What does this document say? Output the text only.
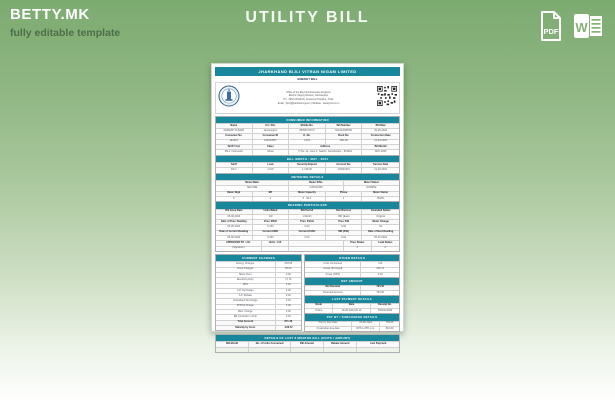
BETTY.MK
fully editable template
UTILITY BILL
PDF W
JHARKHAND BIJLI VITRAN NIGAM LIMITED
ENERGY BILL
Office of the Electrical Executive Engineer
Electric Supply Division, Jamshedpur
Ph : 0657-2431234 | Consumer Helpline : 1912
Email : jbvnl@jharkhand.gov.in | Website : www.jbvnl.co.in
CONSUMER INFORMATION
Name	Cir / Div.	Mobile No.	Bill Number	Bill Date
RAMESH KUMAR	Jamshedpur	98354XXXXX	522410098765	05-06-2024
Consumer No.	Consumer ID	K. No.	Book No.	Connection Date
JE4321	100234567	1234	JSR-08	12-04-2016
Tariff / Cat.	Class	Address	Bill Month
DS-1 / Domestic	Urban	H.No. 12, Lane 4, Sakchi, Jamshedpur - 831001	MAY-2024
BILL MONTH : MAY - 2024
Tariff	Load	Security Deposit	Account No.	Service Date
DS-1	1 KW	1,145.00	110022334	12-04-2016
METERING DETAILS
Meter Make	Meter S/No.	Meter Status
SECURE	G30412345	NORMAL
Meter Digit	MF	Meter Capacity	Phase	Meter Owner
6	1	5 - 30 A	1	JBVNL
READING PARTICULARS
Bill Issue Date	Units Billed	Bill Period	Sub Division	Amended Status
05-06-2024	110	1 Month	JSR (East)	Original
Date of Prev. Reading	Prev. KWH	Prev. KVAH	Prev. KW	Meter Change
05-05-2024	5,230	0.00	0.00	No
Date of Current Reading	Current KWH	Current KVAH	MD (KW)	Date of Next Reading
05-06-2024	5,340	0.00	0.92	05-07-2024
APPROVED BY / J.E.	Units : 110	Prev. Status	Load Status
(Signature)	0	0
CURRENT CHARGES
Energy Charges	618.65
Fixed Charges	80.00
Meter Rent	0.00
Electricity Duty	17.79
DPS	0.00
A.P. Surcharge	0.00
A.P. Rebate	0.00
Subsidised Surcharge	0.00
FPPCA Charge	0.00
Misc. Charge	0.00
Bill Correction / ACD	0.00
Total Amount	871.48
Subsidy by Govt.	-436.72
OTHER DETAILS
Units Consumed	110
Arrear (Principal)	415.72
Arrear (DPS)	0.00
NET AMOUNT
Net Demand	794.00
Rounded Amount	794.00
LAST PAYMENT DETAILS
Mode	Date	Receipt No.
Online	18-05-2024 20:10	TR00123456
PAY BY / SURCHARGE DETAILS
Pay by Due Date	15-06-2024	794.00
If paid after due date	DPS 1.25% p.m.	810.00
DETAILS OF LAST 6 MONTHS BILL (UNITS / AMOUNT)
Bill Month	No. of Units Consumed	Bill Amount	Rebate Amount	Last Payment
